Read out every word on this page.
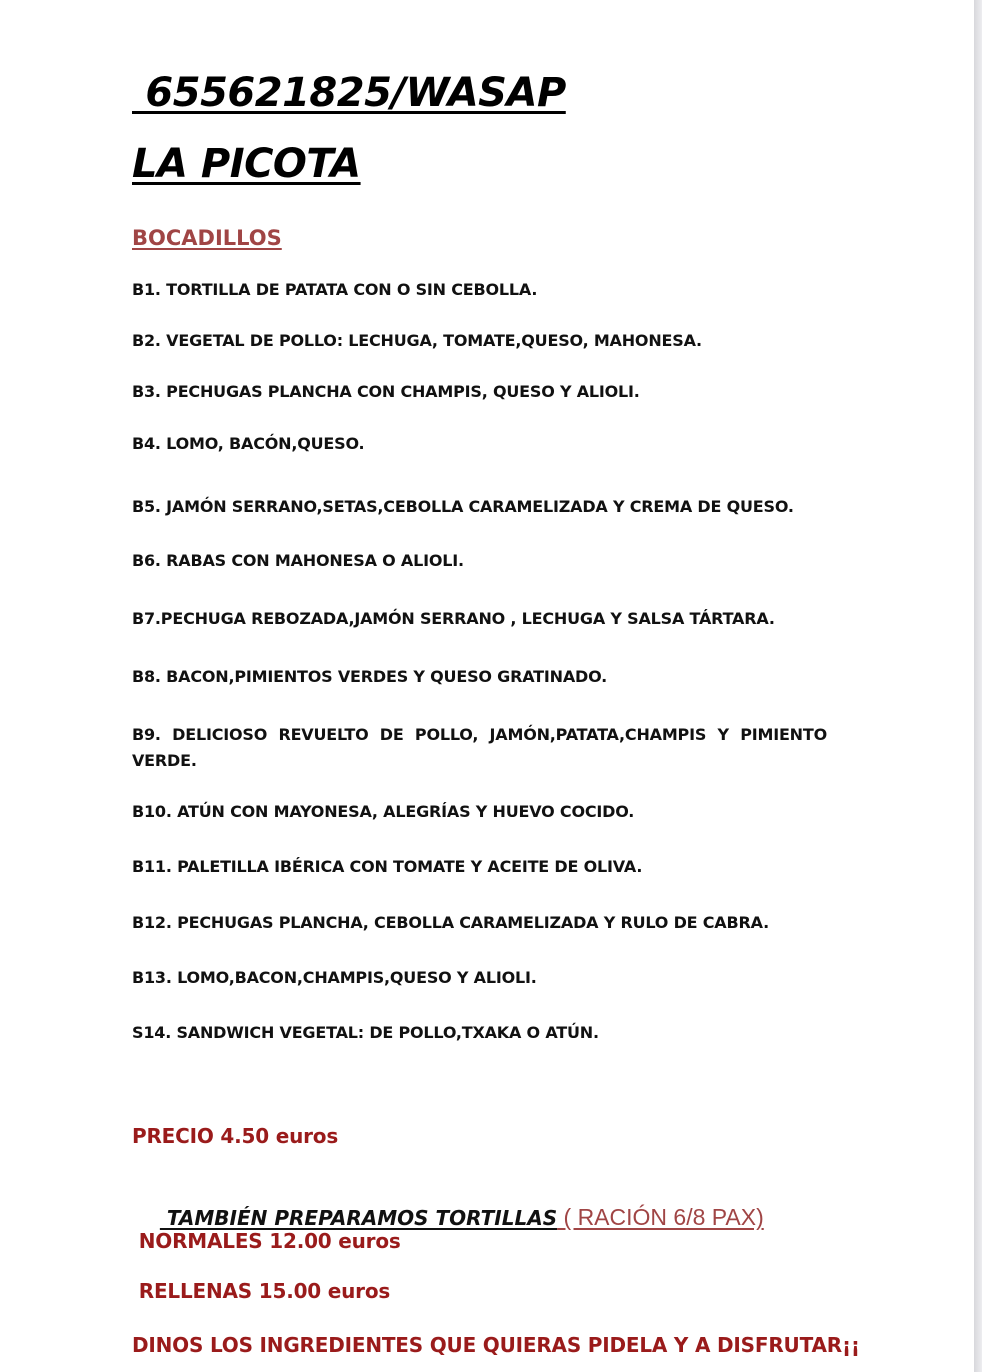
655621825/WASAP
LA PICOTA
BOCADILLOS
B1. TORTILLA DE PATATA CON O SIN CEBOLLA.
B2. VEGETAL DE POLLO: LECHUGA, TOMATE,QUESO, MAHONESA.
B3. PECHUGAS PLANCHA CON CHAMPIS, QUESO Y ALIOLI.
B4. LOMO, BACÓN,QUESO.
B5. JAMÓN SERRANO,SETAS,CEBOLLA CARAMELIZADA Y CREMA DE QUESO.
B6. RABAS CON MAHONESA O ALIOLI.
B7.PECHUGA REBOZADA,JAMÓN SERRANO , LECHUGA Y SALSA TÁRTARA.
B8. BACON,PIMIENTOS VERDES Y QUESO GRATINADO.
B9. DELICIOSO REVUELTO DE POLLO, JAMÓN,PATATA,CHAMPIS Y PIMIENTO VERDE.
B10. ATÚN CON MAYONESA, ALEGRÍAS Y HUEVO COCIDO.
B11. PALETILLA IBÉRICA CON TOMATE Y ACEITE DE OLIVA.
B12. PECHUGAS PLANCHA, CEBOLLA CARAMELIZADA Y RULO DE CABRA.
B13. LOMO,BACON,CHAMPIS,QUESO Y ALIOLI.
S14. SANDWICH VEGETAL: DE POLLO,TXAKA O ATÚN.
PRECIO 4.50 euros

TAMBIÉN PREPARAMOS TORTILLAS ( RACIÓN 6/8 PAX)

NORMALES 12.00 euros
RELLENAS 15.00 euros
DINOS LOS INGREDIENTES QUE QUIERAS PIDELA Y A DISFRUTAR¡¡
